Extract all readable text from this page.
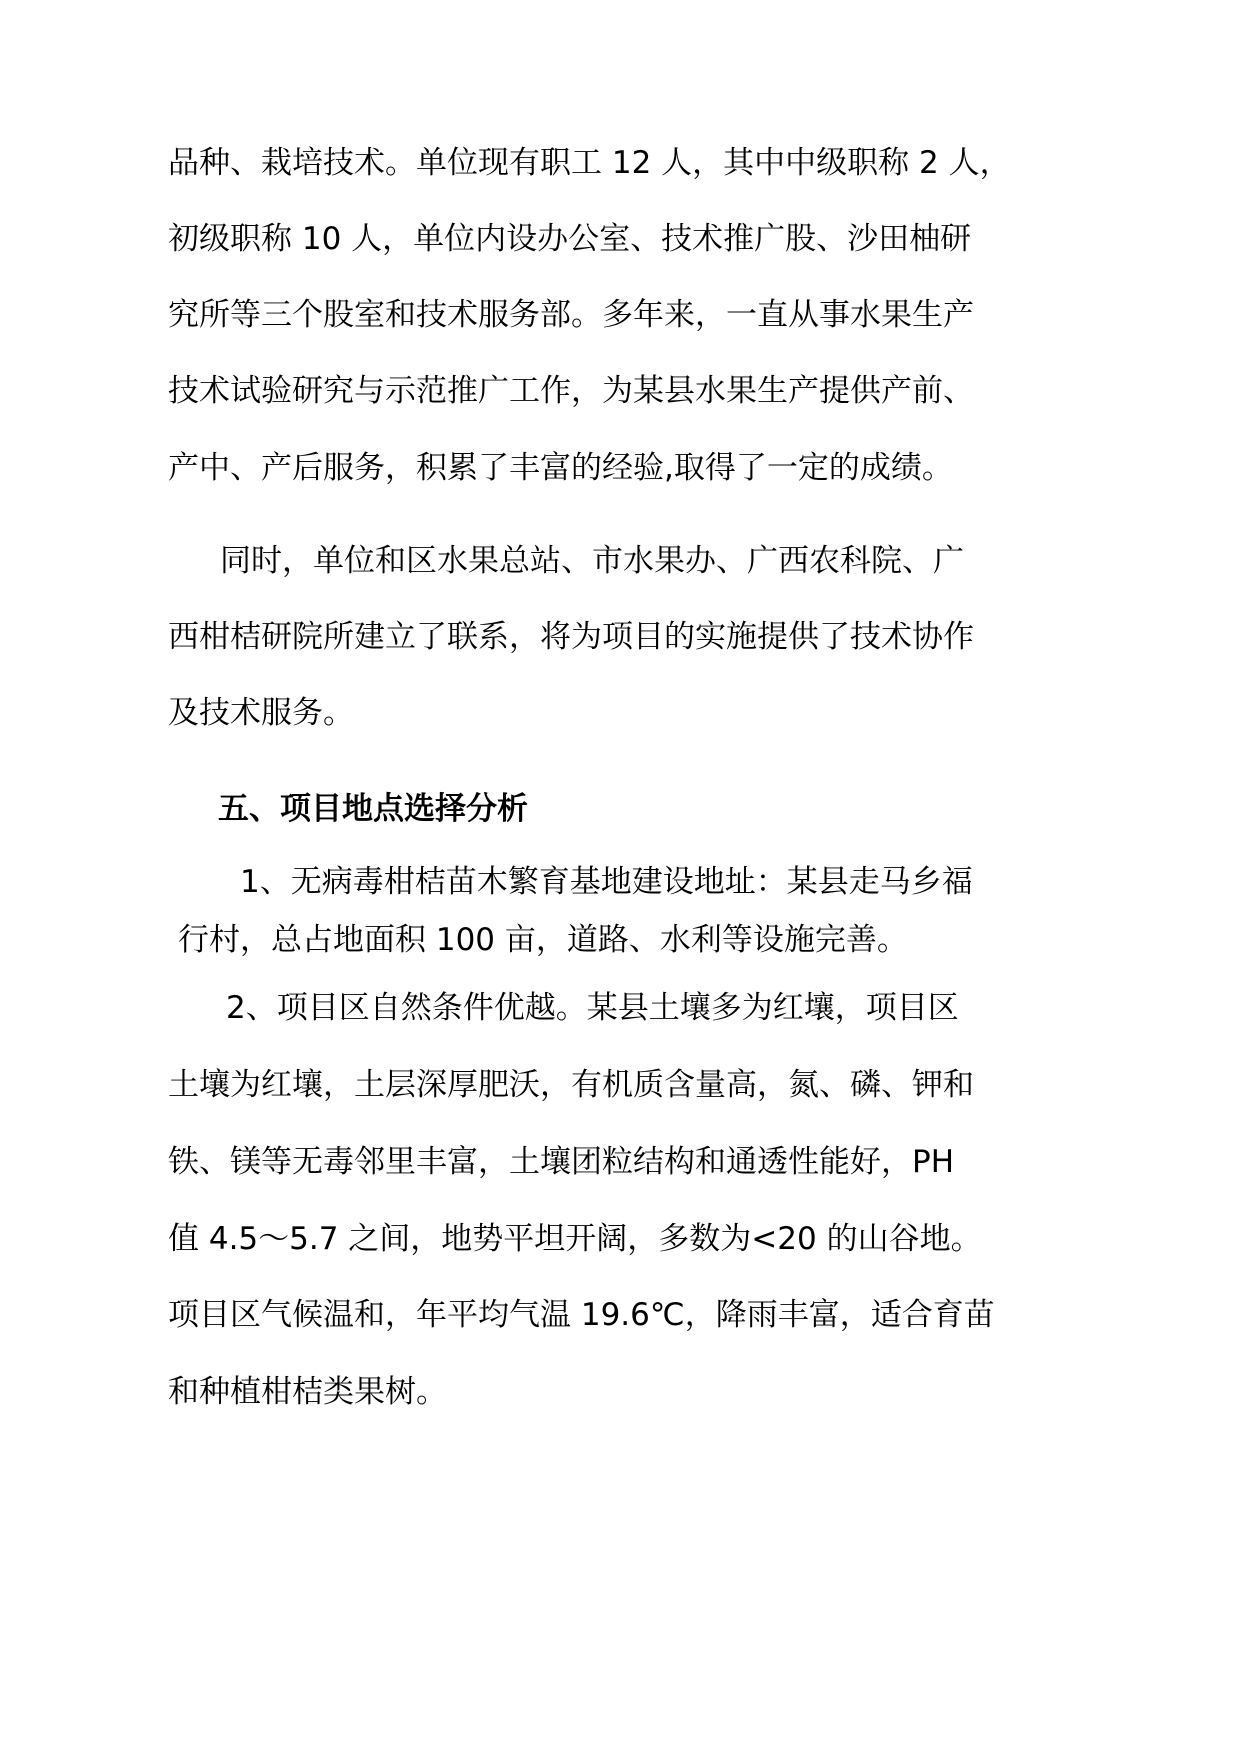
品种、栽培技术。单位现有职工 12 人，其中中级职称 2 人，
初级职称 10 人，单位内设办公室、技术推广股、沙田柚研
究所等三个股室和技术服务部。多年来，一直从事水果生产
技术试验研究与示范推广工作，为某县水果生产提供产前、
产中、产后服务，积累了丰富的经验,取得了一定的成绩。
同时，单位和区水果总站、市水果办、广西农科院、广
西柑桔研院所建立了联系，将为项目的实施提供了技术协作
及技术服务。
五、项目地点选择分析
1、无病毒柑桔苗木繁育基地建设地址：某县走马乡福
行村，总占地面积 100 亩，道路、水利等设施完善。
2、项目区自然条件优越。某县土壤多为红壤，项目区
土壤为红壤，土层深厚肥沃，有机质含量高，氮、磷、钾和
铁、镁等无毒邻里丰富，土壤团粒结构和通透性能好，PH
值 4.5～5.7 之间，地势平坦开阔，多数为<20 的山谷地。
项目区气候温和，年平均气温 19.6℃，降雨丰富，适合育苗
和种植柑桔类果树。
